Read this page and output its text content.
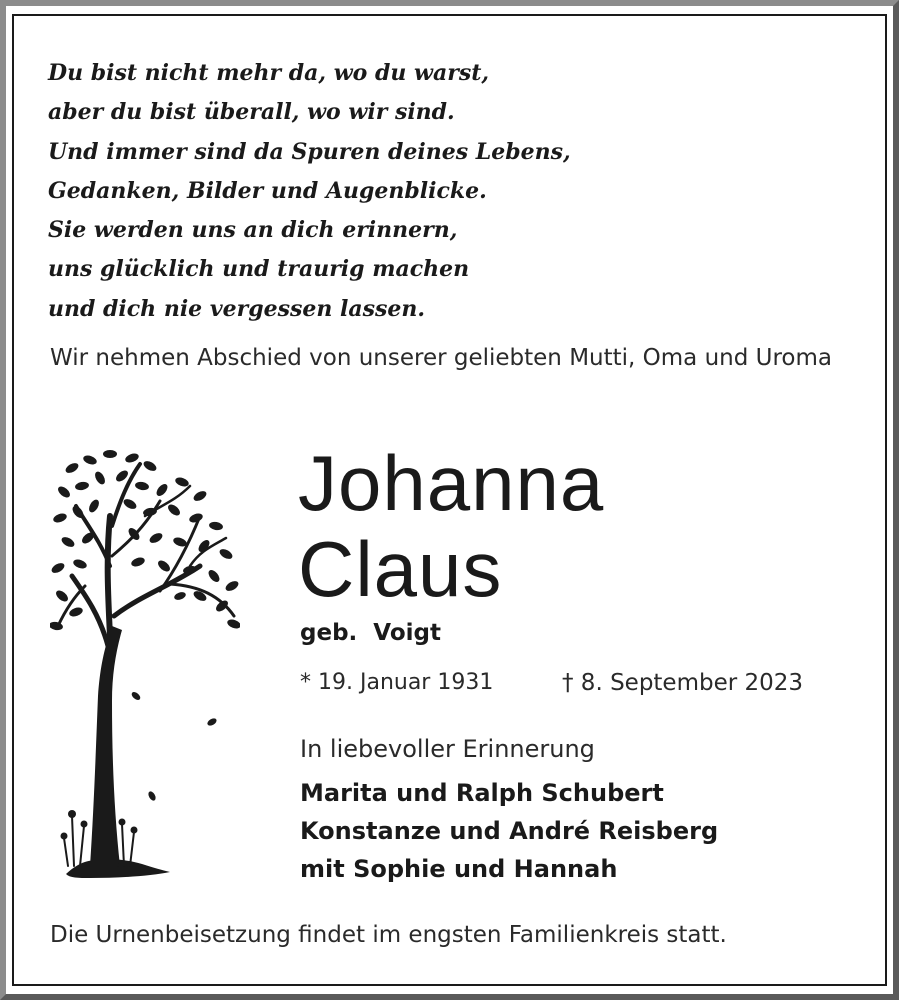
Du bist nicht mehr da, wo du warst,
aber du bist überall, wo wir sind.
Und immer sind da Spuren deines Lebens,
Gedanken, Bilder und Augenblicke.
Sie werden uns an dich erinnern,
uns glücklich und traurig machen
und dich nie vergessen lassen.
Wir nehmen Abschied von unserer geliebten Mutti, Oma und Uroma
Johanna
Claus
geb.  Voigt
* 19. Januar 1931	† 8. September 2023
In liebevoller Erinnerung
Marita und Ralph Schubert
Konstanze und André Reisberg
mit Sophie und Hannah
Die Urnenbeisetzung findet im engsten Familienkreis statt.
